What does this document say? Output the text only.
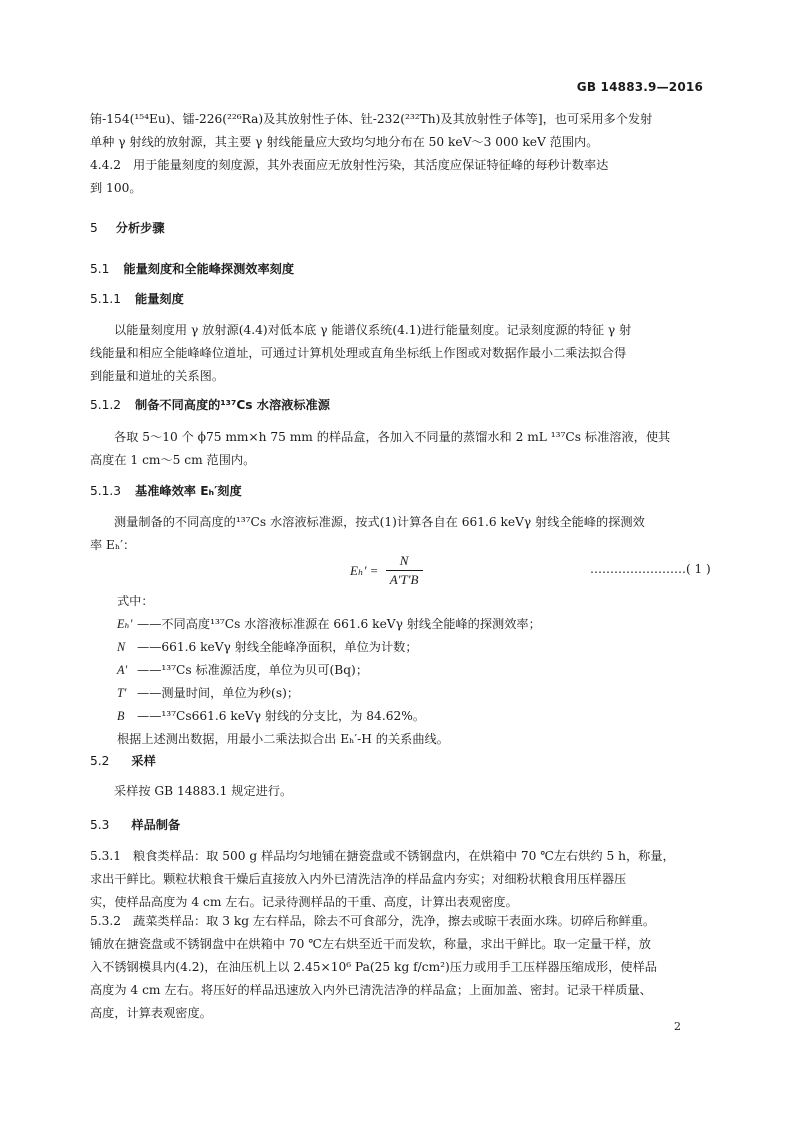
GB 14883.9—2016
铕-154(¹⁵⁴Eu)、镭-226(²²⁶Ra)及其放射性子体、钍-232(²³²Th)及其放射性子体等]，也可采用多个发射
单种 γ 射线的放射源，其主要 γ 射线能量应大致均匀地分布在 50 keV～3 000 keV 范围内。
4.4.2 用于能量刻度的刻度源，其外表面应无放射性污染，其活度应保证特征峰的每秒计数率达
到 100。
5 分析步骤
5.1 能量刻度和全能峰探测效率刻度
5.1.1 能量刻度
以能量刻度用 γ 放射源(4.4)对低本底 γ 能谱仪系统(4.1)进行能量刻度。记录刻度源的特征 γ 射
线能量和相应全能峰峰位道址，可通过计算机处理或直角坐标纸上作图或对数据作最小二乘法拟合得
到能量和道址的关系图。
5.1.2 制备不同高度的¹³⁷Cs 水溶液标准源
各取 5～10 个 ϕ75 mm×h 75 mm 的样品盒，各加入不同量的蒸馏水和 2 mL ¹³⁷Cs 标准溶液，使其
高度在 1 cm～5 cm 范围内。
5.1.3 基准峰效率 Eₕ′刻度
测量制备的不同高度的¹³⁷Cs 水溶液标准源，按式(1)计算各自在 661.6 keVγ 射线全能峰的探测效
率 Eₕ′：
$E_h' = \frac{N}{A'T'B}$	……………………( 1 )
式中：
Eₕ′ ——不同高度¹³⁷Cs 水溶液标准源在 661.6 keVγ 射线全能峰的探测效率；
N ——661.6 keVγ 射线全能峰净面积，单位为计数；
A′ ——¹³⁷Cs 标准源活度，单位为贝可(Bq)；
T′ ——测量时间，单位为秒(s)；
B ——¹³⁷Cs661.6 keVγ 射线的分支比，为 84.62%。
根据上述测出数据，用最小二乘法拟合出 Eₕ′-H 的关系曲线。
5.2 采样
采样按 GB 14883.1 规定进行。
5.3 样品制备
5.3.1 粮食类样品：取 500 g 样品均匀地铺在搪瓷盘或不锈钢盘内，在烘箱中 70 ℃左右烘约 5 h，称量，
求出干鲜比。颗粒状粮食干燥后直接放入内外已清洗洁净的样品盒内夯实；对细粉状粮食用压样器压
实，使样品高度为 4 cm 左右。记录待测样品的干重、高度，计算出表观密度。
5.3.2 蔬菜类样品：取 3 kg 左右样品，除去不可食部分，洗净，擦去或晾干表面水珠。切碎后称鲜重。
铺放在搪瓷盘或不锈钢盘中在烘箱中 70 ℃左右烘至近干而发软，称量，求出干鲜比。取一定量干样，放
入不锈钢模具内(4.2)，在油压机上以 2.45×10⁶ Pa(25 kg f/cm²)压力或用手工压样器压缩成形，使样品
高度为 4 cm 左右。将压好的样品迅速放入内外已清洗洁净的样品盒；上面加盖、密封。记录干样质量、
高度，计算表观密度。
2
